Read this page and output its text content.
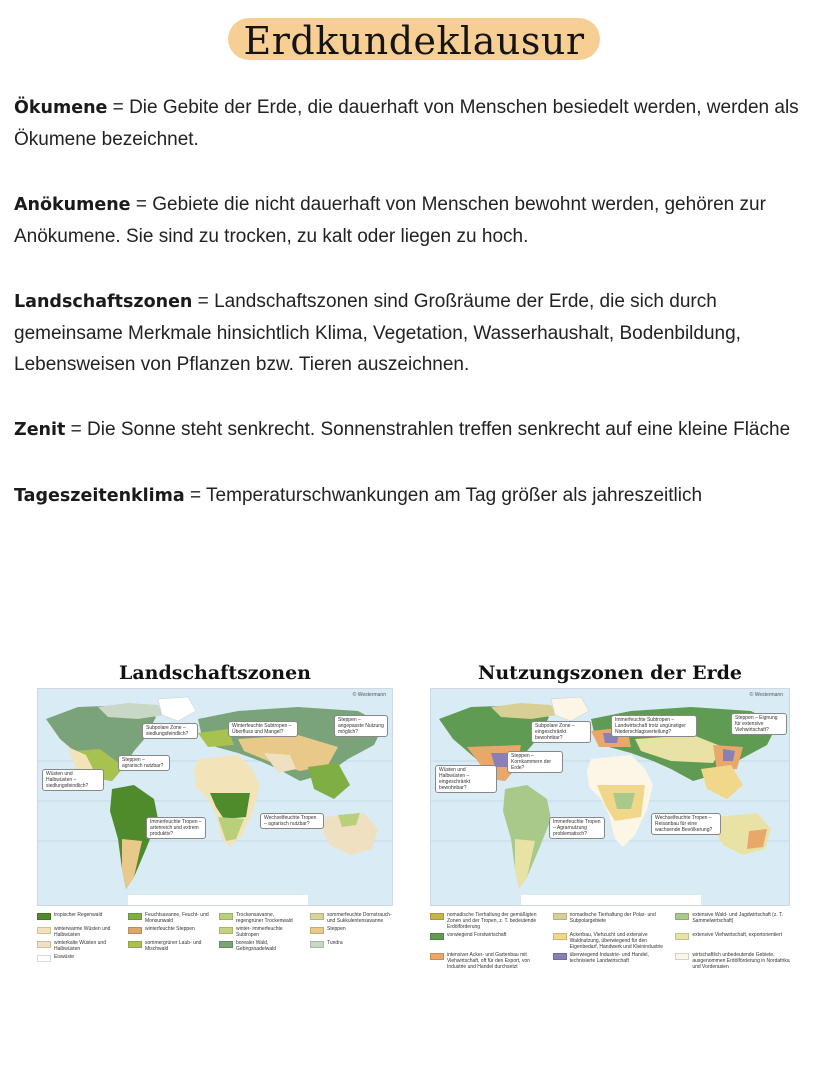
Erdkundeklausur

Ökumene = Die Gebite der Erde, die dauerhaft von Menschen besiedelt werden, werden als Ökumene bezeichnet.

Anökumene = Gebiete die nicht dauerhaft von Menschen bewohnt werden, gehören zur Anökumene. Sie sind zu trocken, zu kalt oder liegen zu hoch.

Landschaftszonen = Landschaftszonen sind Großräume der Erde, die sich durch gemeinsame Merkmale hinsichtlich Klima, Vegetation, Wasserhaushalt, Bodenbildung, Lebensweisen von Pflanzen bzw. Tieren auszeichnen.

Zenit = Die Sonne steht senkrecht. Sonnenstrahlen treffen senkrecht auf eine kleine Fläche

Tageszeitenklima = Temperaturschwankungen am Tag größer als jahreszeitlich

Landschaftszonen
© Westermann
Subpolare Zone – siedlungsfeindlich?
Winterfeuchte Subtropen – Überfluss und Mangel?
Steppen – angepasste Nutzung möglich?
Steppen – agrarisch nutzbar?
Wüsten und Halbwüsten – siedlungsfeindlich?
Immerfeuchte Tropen – artenreich und extrem produktiv?
Wechselfeuchte Tropen – agrarisch nutzbar?
tropischer Regenwald	Feuchtsavanne, Feucht- und Monsunwald
Trockensavanne, regengrüner Trockenwald
sommerfeuchte Dornstrauch- und Sukkulentensavanne
winterwarme Wüsten und Halbwüsten
winterfeuchte Steppen	winter- immerfeuchte Subtropen
Steppen
winterkalte Wüsten und Halbwüsten
sommergrüner Laub- und Mischwald
borealer Wald, Gebirgsnadelwald
Tundra
Eiswüste
Nutzungszonen der Erde
© Westermann
Subpolare Zone – eingeschränkt bewohnbar?
Immerfeuchte Subtropen – Landwirtschaft trotz ungünstiger Niederschlagsverteilung?
Steppen – Eignung für extensive Viehwirtschaft?
Steppen – Kornkammern der Erde?
Wüsten und Halbwüsten – eingeschränkt bewohnbar?
Immerfeuchte Tropen – Agrarnutzung problematisch?
Wechselfeuchte Tropen – Reisanbau für eine wachsende Bevölkerung?
nomadische Tierhaltung der gemäßigten Zonen und der Tropen, z. T. bedeutende Erdölförderung
nomadische Tierhaltung der Polar- und Subpolargebiete
extensive Wald- und Jagdwirtschaft (z. T. Sammelwirtschaft)
vorwiegend Forstwirtschaft	Ackerbau, Viehzucht und extensive Waldnutzung, überwiegend für den Eigenbedarf, Handwerk und Kleinindustrie
extensive Viehwirtschaft, exportorientiert
intensiver Acker- und Gartenbau mit Viehwirtschaft, oft für den Export, von Industrie und Handel durchsetzt
überwiegend Industrie- und Handel, technisierte Landwirtschaft
wirtschaftlich unbedeutende Gebiete, ausgenommen Erdölförderung in Nordafrika und Vorderasien
